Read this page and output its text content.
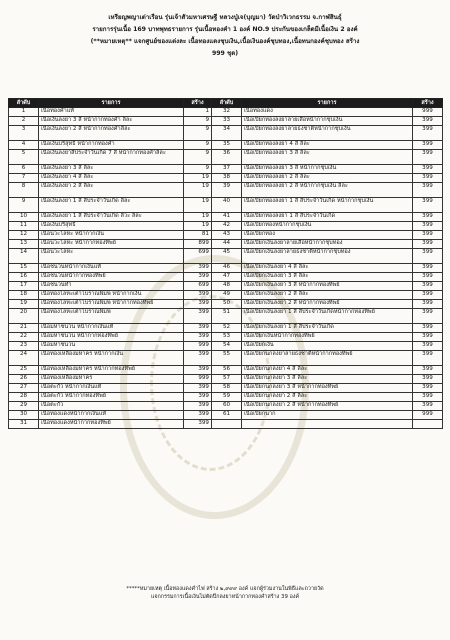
เหรียญพญาเต่าเรือน รุ่นเจ้าสัวมหาเศรษฐี หลวงปู่เจ(บุญมา) วัดป่าวิเวกธรรม จ.กาฬสินธุ์
รายการรุ่นเนื้อ 169 บาทพุทธรายการ รุ่นเนื้อทองคำ 1 องค์ NO.9 ประกันของเกล็ดมีเนื้อเงิน 2 องค์
(**หมายเหตุ** แจกศูนย์ของแต่งละ เนื้อทองแดงชุบเงิน,เนื้อเงินองค์ชุบทอง,เนื้อทนกองค์ชุบทอง สร้าง
999 ชุด)
ลำดับ	รายการ	สร้าง	ลำดับ	รายการ	สร้าง
1	เนื้อทองคำแท้	1	32	เนื้อทองแดง	999
2	เนื้อเงินลงยา 3 สี หน้ากากทองคำ ลีละ	9	33	เนื้อเปียกทองลงยาลายเสือหน้ากากชุบเงิน	399
3	เนื้อเงินลงยา 2 สี หน้ากากทองคำลีละ	9	34	เนื้อเปียกทองลงยาลายธงชาติหน้ากากชุบเงิน	399
4	เนื้อเงินบริสุทธิ์ หน้ากากทองคำ	9	35	เนื้อเปียกทองลงยา 4 สี ลีละ	399
5	เนื้อเงินลงยาสีประจำวันเกิด 7 สี หน้ากากทองคำลีละ	9	36	เนื้อเปียกทองลงยา 3 สี ลีละ	399
6	เนื้อเงินลงยา 3 สี ลีละ	9	37	เนื้อเปียกทองลงยา 3 สี หน้ากากชุบเงิน	399
7	เนื้อเงินลงยา 4 สี ลีละ	19	38	เนื้อเปียกทองลงยา 2 สี ลีละ	399
8	เนื้อเงินลงยา 2 สี ลีละ	19	39	เนื้อเปียกทองลงยา 2 สี หน้ากากชุบเงิน ลีละ	399
9	เนื้อเงินลงยา 1 สี สีประจำวันเกิด ลีละ	19	40	เนื้อเปียกทองลงยา 1 สี สีประจำวันเกิด หน้ากากชุบเงิน	399
10	เนื้อเงินลงยา 1 สี สีประจำวันเกิด ลีวะ ลีละ	19	41	เนื้อเปียกทองลงยา 1 สี สีประจำวันเกิด	399
11	เนื้อเงินบริสุทธิ์	19	42	เนื้อเปียกทองหน้ากากชุบเงิน	399
12	เนื้อนวะโลหะ หน้ากากเงิน	81	43	เนื้อเปียกทอง	399
13	เนื้อนวะโลหะ หน้ากากทองทิพย์	899	44	เนื้อเปียกเงินลงยาลายเสือหน้ากากชุบทอง	399
14	เนื้อนวะโลหะ	699	45	เนื้อเปียกเงินลงยาลายธงชาติหน้ากากชุบทอง	399
15	เนื้อชนวนหน้ากากเงินแท้	399	46	เนื้อเปียกเงินลงยา 4 สี ลีละ	399
16	เนื้อชนวนหน้ากากทองทิพย์	399	47	เนื้อเปียกเงินลงยา 3 สี ลีละ	399
17	เนื้อชนวนทำ	699	48	เนื้อเปียกเงินลงยา 3 สี หน้ากากทองทิพย์	399
18	เนื้อทองโลหะเต่าโบราณพิมพ์ หน้ากากเงิน	399	49	เนื้อเปียกเงินลงยา 2 สี ลีละ	399
19	เนื้อทองโลหะเต่าโบราณพิมพ์ หน้ากากทองทิพย์	399	50	เนื้อเปียกเงินลงยา 2 สี หน้ากากทองทิพย์	399
20	เนื้อทองโลหะเต่าโบราณพิมพ์	399	51	เนื้อเปียกเงินลงยา 1 สี สีประจำวันเกิดหน้ากากทองทิพย์	399
21	เนื้อมหาชนวน หน้ากากเงินแท้	399	52	เนื้อเปียกเงินลงยา 1 สี สีประจำวันเกิด	399
22	เนื้อมหาชนวน หน้ากากทองทิพย์	399	53	เนื้อเปียกเงินหน้ากากทองทิพย์	399
23	เนื้อมหาชนวน	999	54	เนื้อเปียกเงิน	399
24	เนื้อทองเหลืองมหาคร หน้ากากเงิน	399	55	เนื้อเปียกนกลงยาลายธงชาติหน้ากากทองทิพย์	399
25	เนื้อทองเหลืองมหาคร หน้ากากทองทิพย์	399	56	เนื้อเปียกนกลงยา 4 สี ลีละ	399
26	เนื้อทองเหลืองมหาคร	999	57	เนื้อเปียกนกลงยา 3 สี ลีละ	399
27	เนื้อตะกั่ว หน้ากากเงินแท้	399	58	เนื้อเปียกนกลงยา 3 สี หน้ากากทองทิพย์	399
28	เนื้อตะกั่ว หน้ากากทองทิพย์	399	59	เนื้อเปียกนกลงยา 2 สี ลีละ	399
29	เนื้อตะกั่ว	399	60	เนื้อเปียกนกลงยา 2 สี หน้ากากทองทิพย์	399
30	เนื้อทองแดงหน้ากากเงินแท้	399	61	เนื้อเปียกนาก	999
31	เนื้อทองแดงหน้ากากทองทิพย์	399			
*****หมายเหตุ เนื้อทองแดงคำไฟ สร้าง ๒,๙๙๙ องค์ แจกผู้ร่วมงานในพิธีและถวายวัด
แจกกรรมการเนื้อเงินไม่ตัดปีกลงยาหน้ากากทองคำสร้าง 39 องค์
